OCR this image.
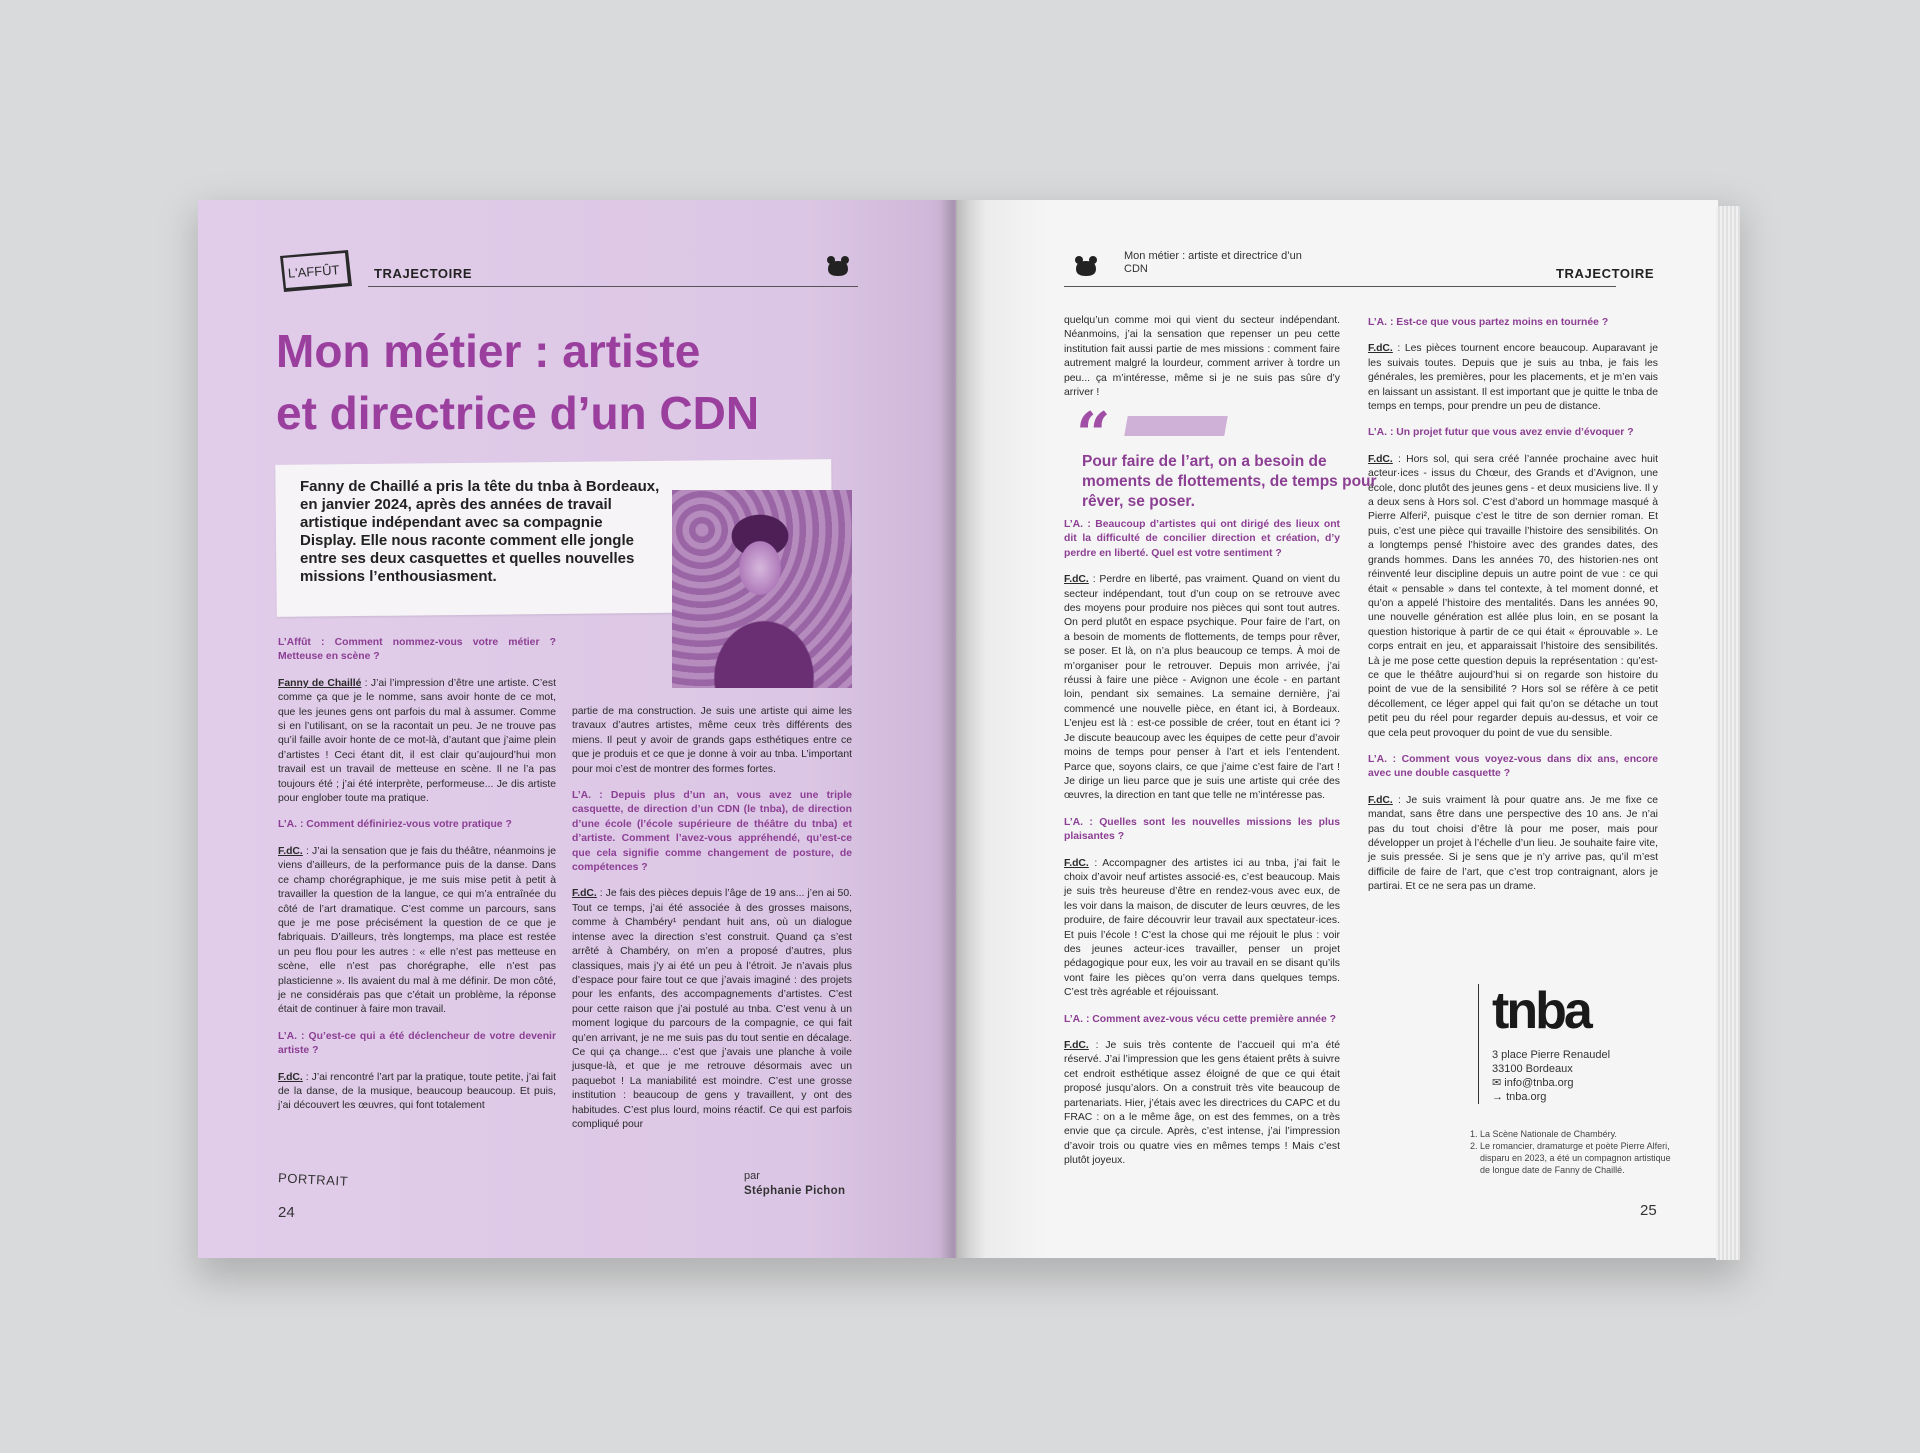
L'AFFÛT	TRAJECTOIRE
Mon métier : artiste
et directrice d’un CDN
Fanny de Chaillé a pris la tête du tnba à Bordeaux, en janvier 2024, après des années de travail artistique indépendant avec sa compagnie Display. Elle nous raconte comment elle jongle entre ses deux casquettes et quelles nouvelles missions l’enthousiasment.

L’Affût : Comment nommez-vous votre métier ? Metteuse en scène ?

Fanny de Chaillé : J’ai l’impression d’être une artiste. C’est comme ça que je le nomme, sans avoir honte de ce mot, que les jeunes gens ont parfois du mal à assumer. Comme si en l’utilisant, on se la racontait un peu. Je ne trouve pas qu’il faille avoir honte de ce mot-là, d’autant que j’aime plein d’artistes ! Ceci étant dit, il est clair qu’aujourd’hui mon travail est un travail de metteuse en scène. Il ne l’a pas toujours été ; j’ai été interprète, performeuse... Je dis artiste pour englober toute ma pratique.

L’A. : Comment définiriez-vous votre pratique ?

F.dC. : J’ai la sensation que je fais du théâtre, néanmoins je viens d’ailleurs, de la performance puis de la danse. Dans ce champ chorégraphique, je me suis mise petit à petit à travailler la question de la langue, ce qui m’a entraînée du côté de l’art dramatique. C’est comme un parcours, sans que je me pose précisément la question de ce que je fabriquais. D’ailleurs, très longtemps, ma place est restée un peu flou pour les autres : « elle n’est pas metteuse en scène, elle n’est pas chorégraphe, elle n’est pas plasticienne ». Ils avaient du mal à me définir. De mon côté, je ne considérais pas que c’était un problème, la réponse était de continuer à faire mon travail.

L’A. : Qu’est-ce qui a été déclencheur de votre devenir artiste ?

F.dC. : J’ai rencontré l’art par la pratique, toute petite, j’ai fait de la danse, de la musique, beaucoup beaucoup. Et puis, j’ai découvert les œuvres, qui font totalement

partie de ma construction. Je suis une artiste qui aime les travaux d’autres artistes, même ceux très différents des miens. Il peut y avoir de grands gaps esthétiques entre ce que je produis et ce que je donne à voir au tnba. L’important pour moi c’est de montrer des formes fortes.

L’A. : Depuis plus d’un an, vous avez une triple casquette, de direction d’un CDN (le tnba), de direction d’une école (l’école supérieure de théâtre du tnba) et d’artiste. Comment l’avez-vous appréhendé, qu’est-ce que cela signifie comme changement de posture, de compétences ?

F.dC. : Je fais des pièces depuis l’âge de 19 ans... j’en ai 50. Tout ce temps, j’ai été associée à des grosses maisons, comme à Chambéry¹ pendant huit ans, où un dialogue intense avec la direction s’est construit. Quand ça s’est arrêté à Chambéry, on m’en a proposé d’autres, plus classiques, mais j’y ai été un peu à l’étroit. Je n’avais plus d’espace pour faire tout ce que j’avais imaginé : des projets pour les enfants, des accompagnements d’artistes. C’est pour cette raison que j’ai postulé au tnba. C’est venu à un moment logique du parcours de la compagnie, ce qui fait qu’en arrivant, je ne me suis pas du tout sentie en décalage. Ce qui ça change... c’est que j’avais une planche à voile jusque-là, et que je me retrouve désormais avec un paquebot ! La maniabilité est moindre. C’est une grosse institution : beaucoup de gens y travaillent, y ont des habitudes. C’est plus lourd, moins réactif. Ce qui est parfois compliqué pour

PORTRAIT
24
par
Stéphanie Pichon
Mon métier : artiste et directrice d’un CDN	TRAJECTOIRE

quelqu’un comme moi qui vient du secteur indépendant. Néanmoins, j’ai la sensation que repenser un peu cette institution fait aussi partie de mes missions : comment faire autrement malgré la lourdeur, comment arriver à tordre un peu... ça m’intéresse, même si je ne suis pas sûre d’y arriver !

“
Pour faire de l’art, on a besoin de moments de flottements, de temps pour rêver, se poser.

L’A. : Beaucoup d’artistes qui ont dirigé des lieux ont dit la difficulté de concilier direction et création, d’y perdre en liberté. Quel est votre sentiment ?

F.dC. : Perdre en liberté, pas vraiment. Quand on vient du secteur indépendant, tout d’un coup on se retrouve avec des moyens pour produire nos pièces qui sont tout autres. On perd plutôt en espace psychique. Pour faire de l’art, on a besoin de moments de flottements, de temps pour rêver, se poser. Et là, on n’a plus beaucoup ce temps. À moi de m’organiser pour le retrouver. Depuis mon arrivée, j’ai réussi à faire une pièce - Avignon une école - en partant loin, pendant six semaines. La semaine dernière, j’ai commencé une nouvelle pièce, en étant ici, à Bordeaux. L’enjeu est là : est-ce possible de créer, tout en étant ici ? Je discute beaucoup avec les équipes de cette peur d’avoir moins de temps pour penser à l’art et iels l’entendent. Parce que, soyons clairs, ce que j’aime c’est faire de l’art ! Je dirige un lieu parce que je suis une artiste qui crée des œuvres, la direction en tant que telle ne m’intéresse pas.

L’A. : Quelles sont les nouvelles missions les plus plaisantes ?

F.dC. : Accompagner des artistes ici au tnba, j’ai fait le choix d’avoir neuf artistes associé·es, c’est beaucoup. Mais je suis très heureuse d’être en rendez-vous avec eux, de les voir dans la maison, de discuter de leurs œuvres, de les produire, de faire découvrir leur travail aux spectateur·ices. Et puis l’école ! C’est la chose qui me réjouit le plus : voir des jeunes acteur·ices travailler, penser un projet pédagogique pour eux, les voir au travail en se disant qu’ils vont faire les pièces qu’on verra dans quelques temps. C’est très agréable et réjouissant.

L’A. : Comment avez-vous vécu cette première année ?

F.dC. : Je suis très contente de l’accueil qui m’a été réservé. J’ai l’impression que les gens étaient prêts à suivre cet endroit esthétique assez éloigné de que ce qui était proposé jusqu’alors. On a construit très vite beaucoup de partenariats. Hier, j’étais avec les directrices du CAPC et du FRAC : on a le même âge, on est des femmes, on a très envie que ça circule. Après, c’est intense, j’ai l’impression d’avoir trois ou quatre vies en mêmes temps ! Mais c’est plutôt joyeux.

L’A. : Est-ce que vous partez moins en tournée ?

F.dC. : Les pièces tournent encore beaucoup. Auparavant je les suivais toutes. Depuis que je suis au tnba, je fais les générales, les premières, pour les placements, et je m’en vais en laissant un assistant. Il est important que je quitte le tnba de temps en temps, pour prendre un peu de distance.

L’A. : Un projet futur que vous avez envie d’évoquer ?

F.dC. : Hors sol, qui sera créé l’année prochaine avec huit acteur·ices - issus du Chœur, des Grands et d’Avignon, une école, donc plutôt des jeunes gens - et deux musiciens live. Il y a deux sens à Hors sol. C’est d’abord un hommage masqué à Pierre Alferi², puisque c’est le titre de son dernier roman. Et puis, c’est une pièce qui travaille l’histoire des sensibilités. On a longtemps pensé l’histoire avec des grandes dates, des grands hommes. Dans les années 70, des historien·nes ont réinventé leur discipline depuis un autre point de vue : ce qui était « pensable » dans tel contexte, à tel moment donné, et qu’on a appelé l’histoire des mentalités. Dans les années 90, une nouvelle génération est allée plus loin, en se posant la question historique à partir de ce qui était « éprouvable ». Le corps entrait en jeu, et apparaissait l’histoire des sensibilités. Là je me pose cette question depuis la représentation : qu’est-ce que le théâtre aujourd’hui si on regarde son histoire du point de vue de la sensibilité ? Hors sol se réfère à ce petit décollement, ce léger appel qui fait qu’on se détache un tout petit peu du réel pour regarder depuis au-dessus, et voir ce que cela peut provoquer du point de vue du sensible.

L’A. : Comment vous voyez-vous dans dix ans, encore avec une double casquette ?

F.dC. : Je suis vraiment là pour quatre ans. Je me fixe ce mandat, sans être dans une perspective des 10 ans. Je n’ai pas du tout choisi d’être là pour me poser, mais pour développer un projet à l’échelle d’un lieu. Je souhaite faire vite, je suis pressée. Si je sens que je n’y arrive pas, qu’il m’est difficile de faire de l’art, que c’est trop contraignant, alors je partirai. Et ce ne sera pas un drame.

tnba
3 place Pierre Renaudel
33100 Bordeaux
✉ info@tnba.org
→ tnba.org
1. La Scène Nationale de Chambéry.
2. Le romancier, dramaturge et poète Pierre Alferi, disparu en 2023, a été un compagnon artistique de longue date de Fanny de Chaillé.
25
